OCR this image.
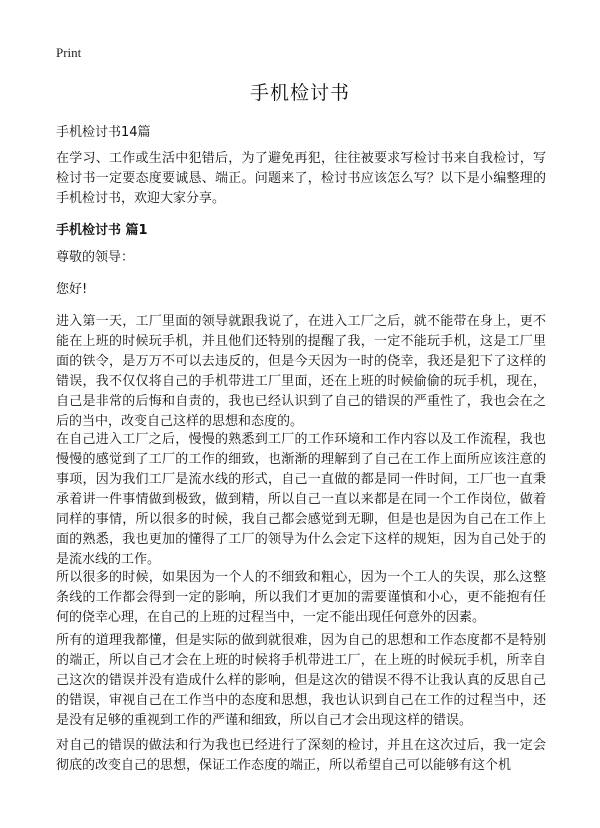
Print
手机检讨书
手机检讨书14篇
在学习、工作或生活中犯错后，为了避免再犯，往往被要求写检讨书来自我检讨，写检讨书一定要态度要诚恳、端正。问题来了，检讨书应该怎么写？以下是小编整理的手机检讨书，欢迎大家分享。
手机检讨书 篇1
尊敬的领导：
您好!
进入第一天，工厂里面的领导就跟我说了，在进入工厂之后，就不能带在身上，更不能在上班的时候玩手机，并且他们还特别的提醒了我，一定不能玩手机，这是工厂里面的铁令，是万万不可以去违反的，但是今天因为一时的侥幸，我还是犯下了这样的错误，我不仅仅将自己的手机带进工厂里面，还在上班的时候偷偷的玩手机，现在，自己是非常的后悔和自责的，我也已经认识到了自己的错误的严重性了，我也会在之后的当中，改变自己这样的思想和态度的。
在自己进入工厂之后，慢慢的熟悉到工厂的工作环境和工作内容以及工作流程，我也慢慢的感觉到了工厂的工作的细致，也渐渐的理解到了自己在工作上面所应该注意的事项，因为我们工厂是流水线的形式，自己一直做的都是同一件时间，工厂也一直秉承着讲一件事情做到极致，做到精，所以自己一直以来都是在同一个工作岗位，做着同样的事情，所以很多的时候，我自己都会感觉到无聊，但是也是因为自己在工作上面的熟悉，我也更加的懂得了工厂的领导为什么会定下这样的规矩，因为自己处于的是流水线的工作。
所以很多的时候，如果因为一个人的不细致和粗心，因为一个工人的失误，那么这整条线的工作都会得到一定的影响，所以我们才更加的需要谨慎和小心，更不能抱有任何的侥幸心理，在自己的上班的过程当中，一定不能出现任何意外的因素。
所有的道理我都懂，但是实际的做到就很难，因为自己的思想和工作态度都不是特别的端正，所以自己才会在上班的时候将手机带进工厂，在上班的时候玩手机，所幸自己这次的错误并没有造成什么样的影响，但是这次的错误不得不让我认真的反思自己的错误，审视自己在工作当中的态度和思想，我也认识到自己在工作的过程当中，还是没有足够的重视到工作的严谨和细致，所以自己才会出现这样的错误。
对自己的错误的做法和行为我也已经进行了深刻的检讨，并且在这次过后，我一定会彻底的改变自己的思想，保证工作态度的端正，所以希望自己可以能够有这个机
